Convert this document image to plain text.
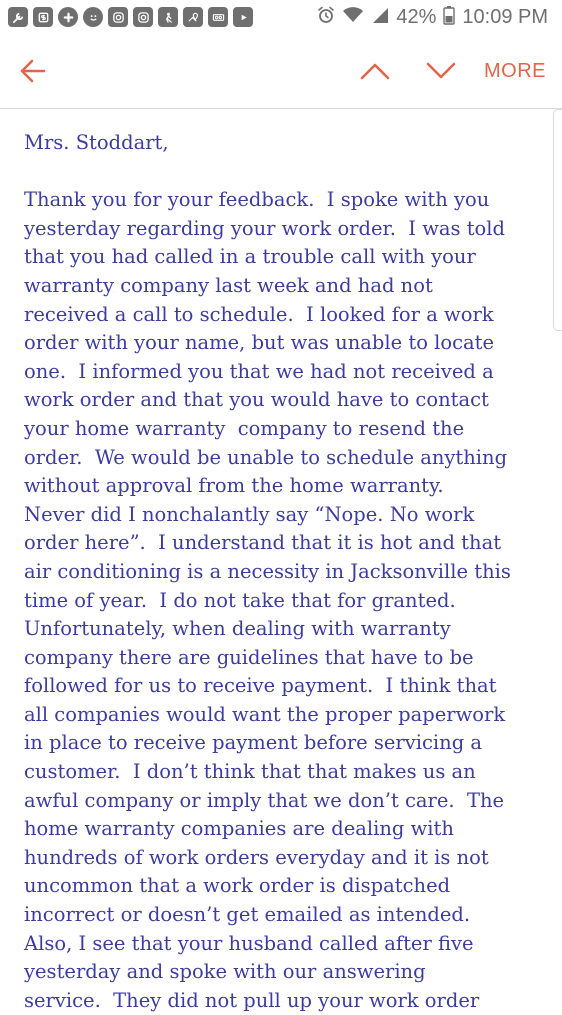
42% 10:09 PM
MORE

Mrs. Stoddart,

Thank you for your feedback.  I spoke with you

yesterday regarding your work order.  I was told

that you had called in a trouble call with your

warranty company last week and had not

received a call to schedule.  I looked for a work

order with your name, but was unable to locate

one.  I informed you that we had not received a

work order and that you would have to contact

your home warranty  company to resend the

order.  We would be unable to schedule anything

without approval from the home warranty.

Never did I nonchalantly say “Nope. No work

order here”.  I understand that it is hot and that

air conditioning is a necessity in Jacksonville this

time of year.  I do not take that for granted.

Unfortunately, when dealing with warranty

company there are guidelines that have to be

followed for us to receive payment.  I think that

all companies would want the proper paperwork

in place to receive payment before servicing a

customer.  I don’t think that that makes us an

awful company or imply that we don’t care.  The

home warranty companies are dealing with

hundreds of work orders everyday and it is not

uncommon that a work order is dispatched

incorrect or doesn’t get emailed as intended.

Also, I see that your husband called after five

yesterday and spoke with our answering

service.  They did not pull up your work order
